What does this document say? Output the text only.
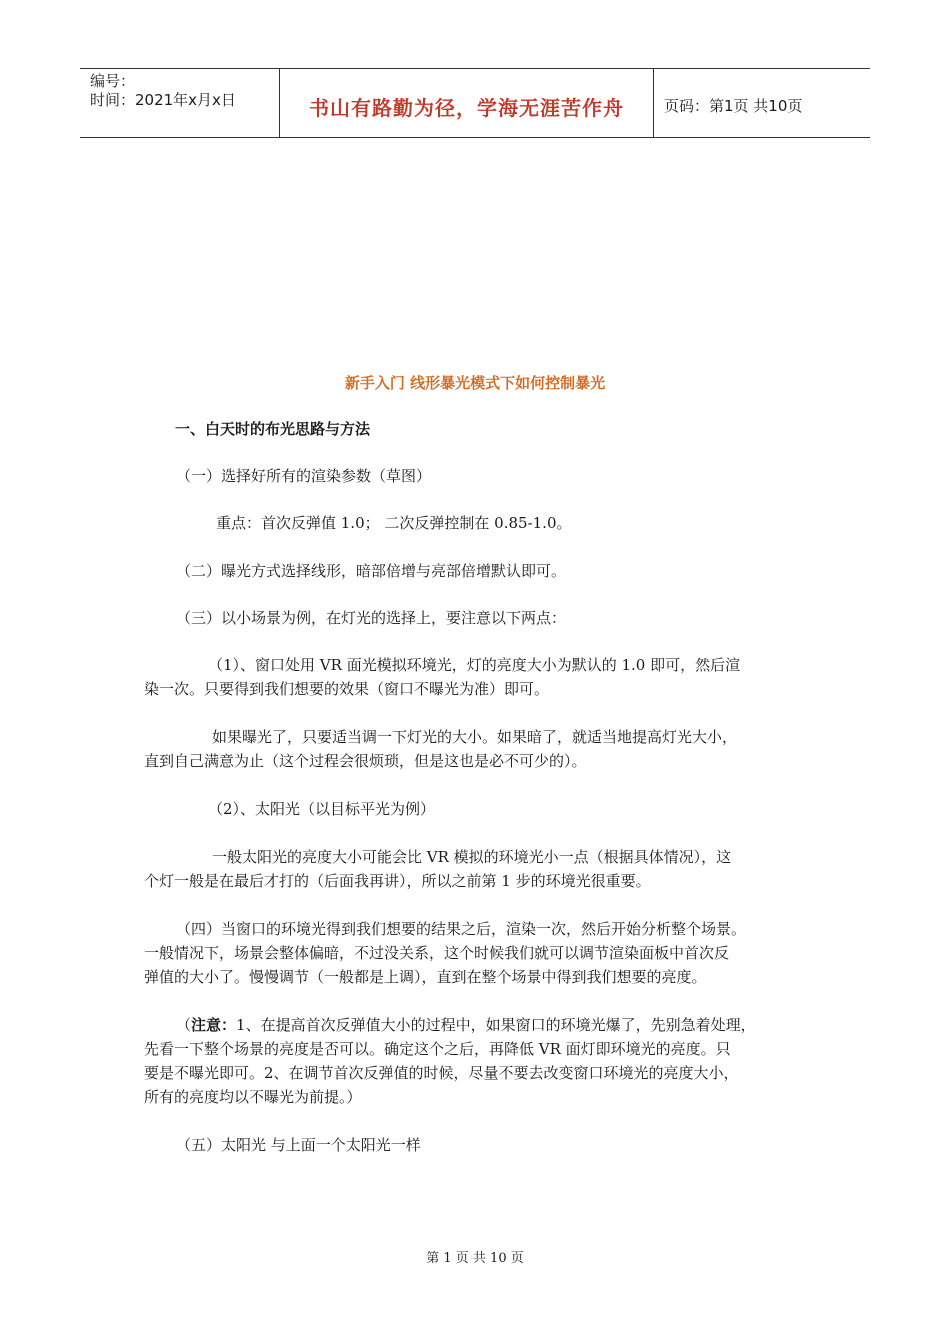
编号：
时间：2021年x月x日	书山有路勤为径，学海无涯苦作舟	页码：第1页 共10页
新手入门 线形暴光模式下如何控制暴光
一、白天时的布光思路与方法
（一）选择好所有的渲染参数（草图）
重点：首次反弹值 1.0； 二次反弹控制在 0.85-1.0。
（二）曝光方式选择线形，暗部倍增与亮部倍增默认即可。
（三）以小场景为例，在灯光的选择上，要注意以下两点：
（1）、窗口处用 VR 面光模拟环境光，灯的亮度大小为默认的 1.0 即可，然后渲
染一次。只要得到我们想要的效果（窗口不曝光为准）即可。
如果曝光了，只要适当调一下灯光的大小。如果暗了，就适当地提高灯光大小，
直到自己满意为止（这个过程会很烦琐，但是这也是必不可少的）。
（2）、太阳光（以目标平光为例）
一般太阳光的亮度大小可能会比 VR 模拟的环境光小一点（根据具体情况），这
个灯一般是在最后才打的（后面我再讲），所以之前第 1 步的环境光很重要。
（四）当窗口的环境光得到我们想要的结果之后，渲染一次，然后开始分析整个场景。
一般情况下，场景会整体偏暗，不过没关系，这个时候我们就可以调节渲染面板中首次反
弹值的大小了。慢慢调节（一般都是上调），直到在整个场景中得到我们想要的亮度。
（注意：1、在提高首次反弹值大小的过程中，如果窗口的环境光爆了，先别急着处理，
先看一下整个场景的亮度是否可以。确定这个之后，再降低 VR 面灯即环境光的亮度。只
要是不曝光即可。2、在调节首次反弹值的时候，尽量不要去改变窗口环境光的亮度大小，
所有的亮度均以不曝光为前提。）
（五）太阳光 与上面一个太阳光一样
第 1 页 共 10 页
